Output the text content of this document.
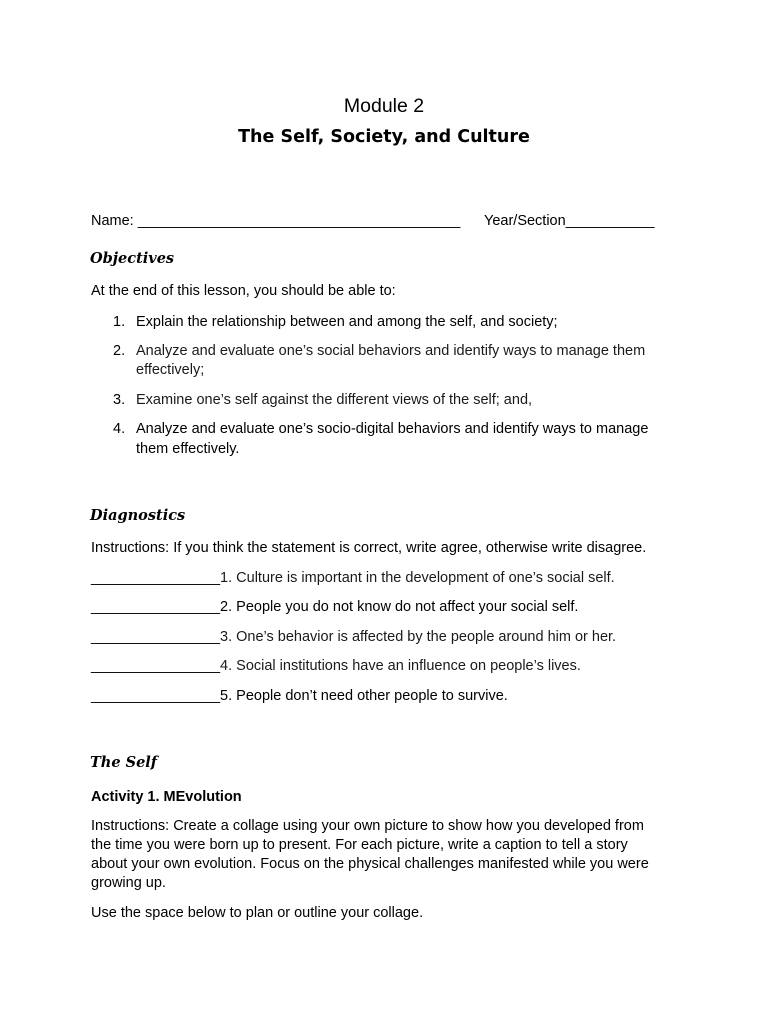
Module 2
The Self, Society, and Culture
Name: ________________________________________ Year/Section___________
Objectives
At the end of this lesson, you should be able to:
1. Explain the relationship between and among the self, and society;
2. Analyze and evaluate one’s social behaviors and identify ways to manage them
effectively;
3. Examine one’s self against the different views of the self; and,
4. Analyze and evaluate one’s socio-digital behaviors and identify ways to manage
them effectively.
Diagnostics
Instructions: If you think the statement is correct, write agree, otherwise write disagree.
________________1. Culture is important in the development of one’s social self.
________________2. People you do not know do not affect your social self.
________________3. One’s behavior is affected by the people around him or her.
________________4. Social institutions have an influence on people’s lives.
________________5. People don’t need other people to survive.
The Self
Activity 1. MEvolution
Instructions: Create a collage using your own picture to show how you developed from
the time you were born up to present. For each picture, write a caption to tell a story
about your own evolution. Focus on the physical challenges manifested while you were
growing up.
Use the space below to plan or outline your collage.
